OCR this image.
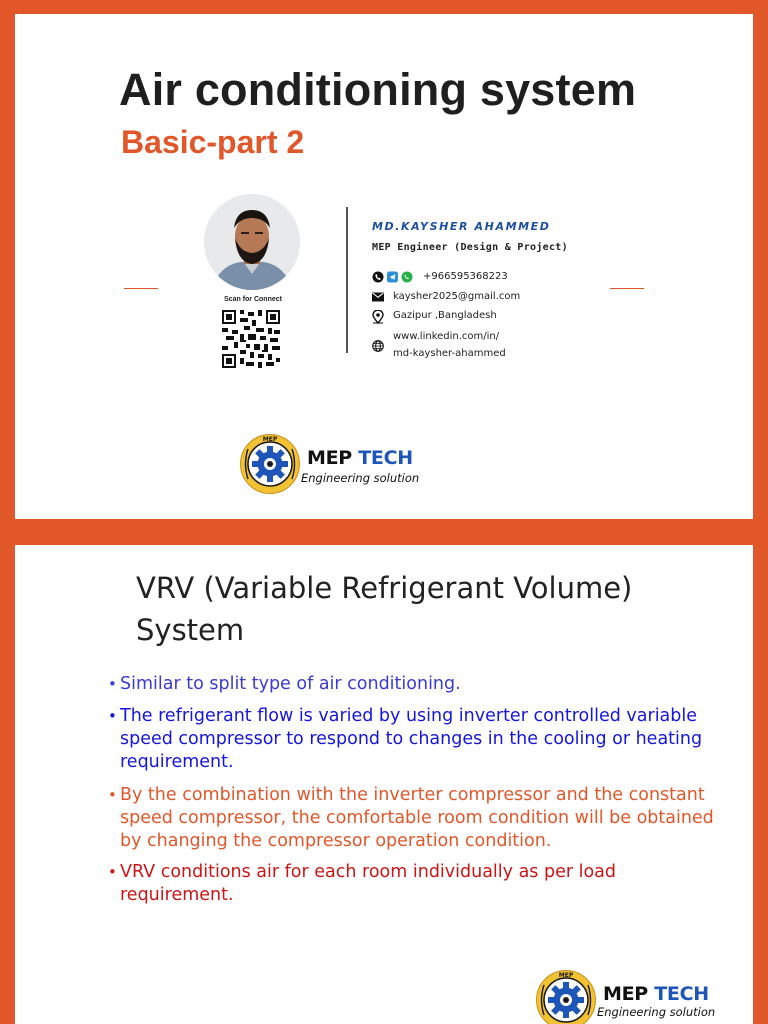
Air conditioning system
Basic-part 2
Scan for Connect
MD.KAYSHER AHAMMED
MEP Engineer (Design & Project)
+966595368223
kaysher2025@gmail.com
Gazipur ,Bangladesh
www.linkedin.com/in/
md-kaysher-ahammed
MEP
MEP TECH
Engineering solution
VRV (Variable Refrigerant Volume) System
• Similar to split type of air conditioning.
• The refrigerant flow is varied by using inverter controlled variable speed compressor to respond to changes in the cooling or heating requirement.
• By the combination with the inverter compressor and the constant speed compressor, the comfortable room condition will be obtained by changing the compressor operation condition.
• VRV conditions air for each room individually as per load requirement.
MEP
MEP TECH
Engineering solution
